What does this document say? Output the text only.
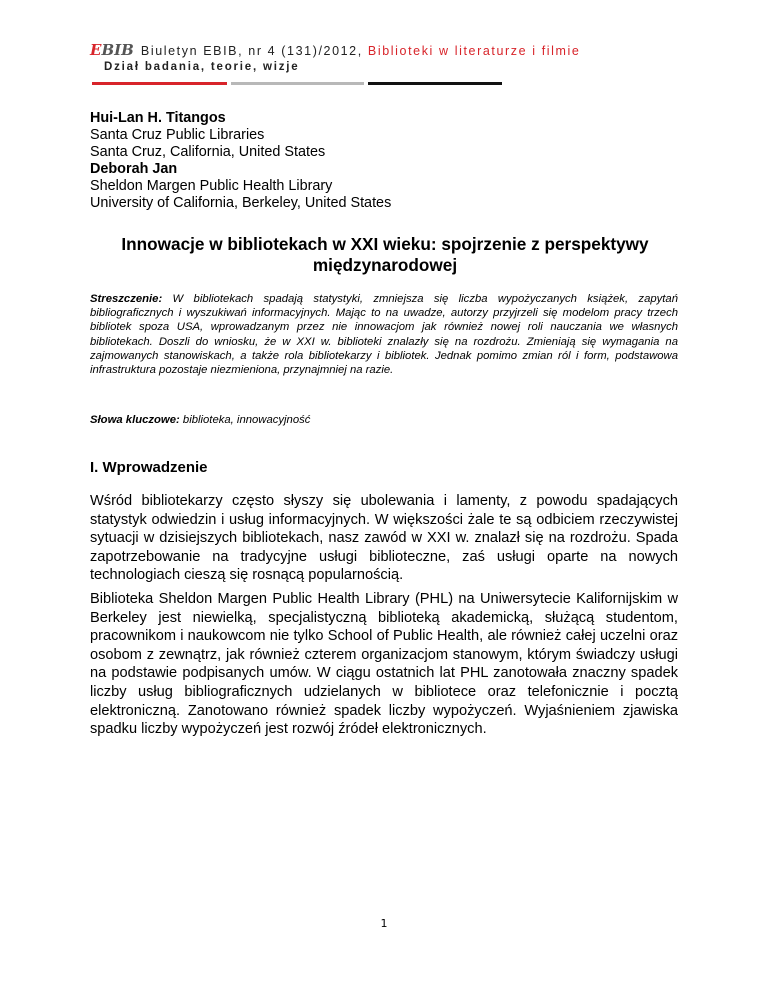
EBIB Biuletyn EBIB, nr 4 (131)/2012, Biblioteki w literaturze i filmie
Dział badania, teorie, wizje
Hui-Lan H. Titangos
Santa Cruz Public Libraries
Santa Cruz, California, United States
Deborah Jan
Sheldon Margen Public Health Library
University of California, Berkeley, United States
Innowacje w bibliotekach w XXI wieku: spojrzenie z perspektywy międzynarodowej
Streszczenie: W bibliotekach spadają statystyki, zmniejsza się liczba wypożyczanych książek, zapytań bibliograficznych i wyszukiwań informacyjnych. Mając to na uwadze, autorzy przyjrzeli się modelom pracy trzech bibliotek spoza USA, wprowadzanym przez nie innowacjom jak również nowej roli nauczania we własnych bibliotekach. Doszli do wniosku, że w XXI w. biblioteki znalazły się na rozdrożu. Zmieniają się wymagania na zajmowanych stanowiskach, a także rola bibliotekarzy i bibliotek. Jednak pomimo zmian ról i form, podstawowa infrastruktura pozostaje niezmieniona, przynajmniej na razie.
Słowa kluczowe: biblioteka, innowacyjność
I. Wprowadzenie
Wśród bibliotekarzy często słyszy się ubolewania i lamenty, z powodu spadających statystyk odwiedzin i usług informacyjnych. W większości żale te są odbiciem rzeczywistej sytuacji w dzisiejszych bibliotekach, nasz zawód w XXI w. znalazł się na rozdrożu. Spada zapotrzebowanie na tradycyjne usługi biblioteczne, zaś usługi oparte na nowych technologiach cieszą się rosnącą popularnością.
Biblioteka Sheldon Margen Public Health Library (PHL) na Uniwersytecie Kalifornijskim w Berkeley jest niewielką, specjalistyczną biblioteką akademicką, służącą studentom, pracownikom i naukowcom nie tylko School of Public Health, ale również całej uczelni oraz osobom z zewnątrz, jak również czterem organizacjom stanowym, którym świadczy usługi na podstawie podpisanych umów. W ciągu ostatnich lat PHL zanotowała znaczny spadek liczby usług bibliograficznych udzielanych w bibliotece oraz telefonicznie i pocztą elektroniczną. Zanotowano również spadek liczby wypożyczeń. Wyjaśnieniem zjawiska spadku liczby wypożyczeń jest rozwój źródeł elektronicznych.
1
